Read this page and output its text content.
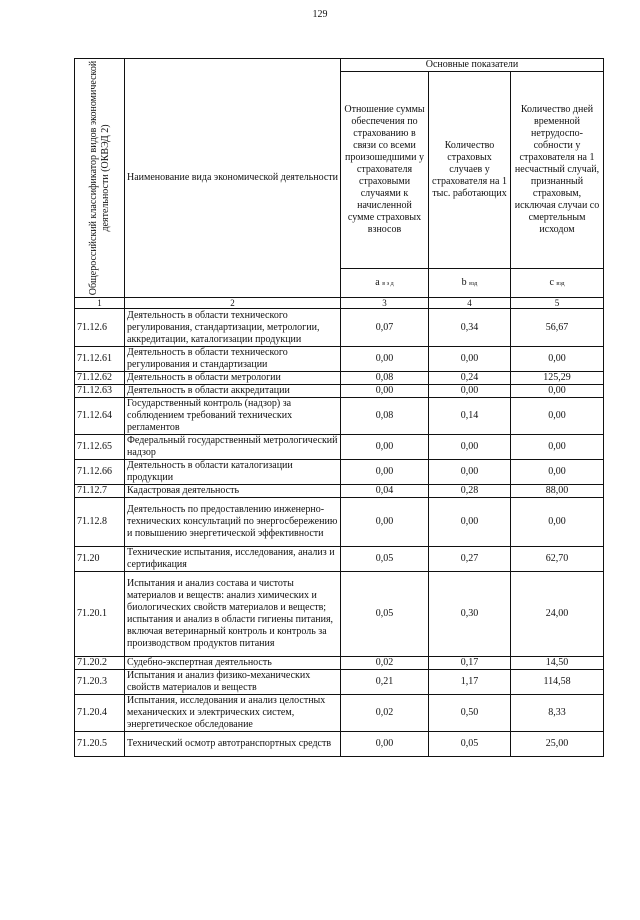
129
Общероссийский классификатор видов экономической деятельности (ОКВЭД 2)	Наименование вида экономической деятельности	Основные показатели		
		Отношение суммы обеспечения по страхованию в связи со всеми произошедшими у страхователя страховыми случаями к начисленной сумме страховых взносов	Количество страховых случаев у страхователя на 1 тыс. работающих	Количество дней временной нетрудоспо-собности у страхователя на 1 несчастный случай, признанный страховым, исключая случаи со смертельным исходом
		a в э д	b вэд	c вэд
1	2	3	4	5
71.12.6	Деятельность в области технического регулирования, стандартизации, метрологии, аккредитации, каталогизации продукции	0,07	0,34	56,67
71.12.61	Деятельность в области технического регулирования и стандартизации	0,00	0,00	0,00
71.12.62	Деятельность в области метрологии	0,08	0,24	125,29
71.12.63	Деятельность в области аккредитации	0,00	0,00	0,00
71.12.64	Государственный контроль (надзор) за соблюдением требований технических регламентов	0,08	0,14	0,00
71.12.65	Федеральный государственный метрологический надзор	0,00	0,00	0,00
71.12.66	Деятельность в области каталогизации продукции	0,00	0,00	0,00
71.12.7	Кадастровая деятельность	0,04	0,28	88,00
71.12.8	Деятельность по предоставлению инженерно-технических консультаций по энергосбережению и повышению энергетической эффективности	0,00	0,00	0,00
71.20	Технические испытания, исследования, анализ и сертификация	0,05	0,27	62,70
71.20.1	Испытания и анализ состава и чистоты материалов и веществ: анализ химических и биологических свойств материалов и веществ; испытания и анализ в области гигиены питания, включая ветеринарный контроль и контроль за производством продуктов питания	0,05	0,30	24,00
71.20.2	Судебно-экспертная деятельность	0,02	0,17	14,50
71.20.3	Испытания и анализ физико-механических свойств материалов и веществ	0,21	1,17	114,58
71.20.4	Испытания, исследования и анализ целостных механических и электрических систем, энергетическое обследование	0,02	0,50	8,33
71.20.5	Технический осмотр автотранспортных средств	0,00	0,05	25,00
